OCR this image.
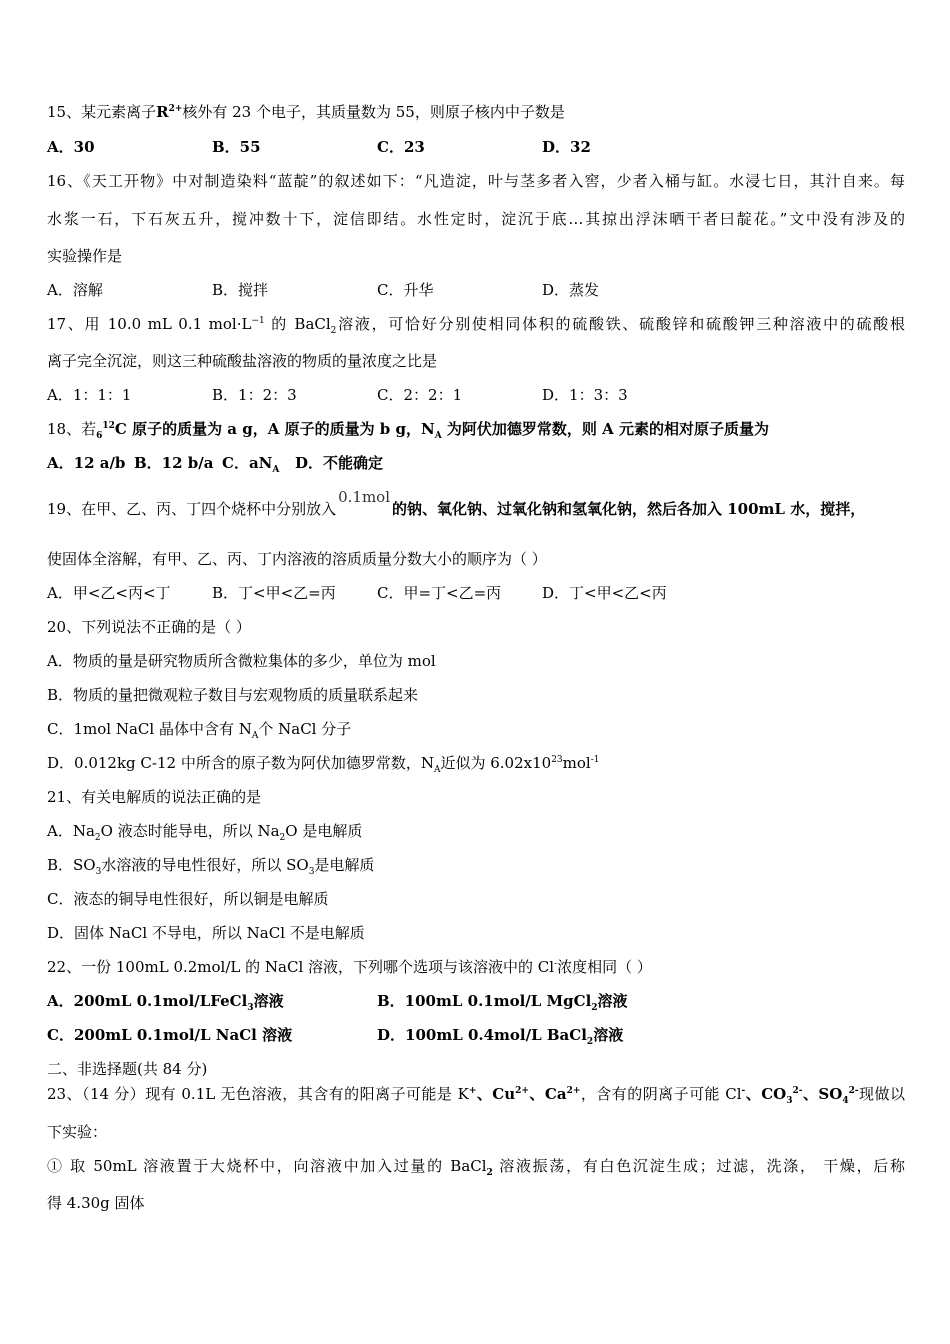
15、某元素离子$R^{2+}$核外有 23 个电子，其质量数为 55，则原子核内中子数是
A．30	B．55	C．23	D．32
16、《天工开物》中对制造染料“蓝靛”的叙述如下：“凡造淀，叶与茎多者入窖，少者入桶与缸。水浸七日，其汁自来。每
水浆一石，下石灰五升，搅冲数十下，淀信即结。水性定时，淀沉于底…其掠出浮沫晒干者曰靛花。”文中没有涉及的
实验操作是
A．溶解	B．搅拌	C．升华	D．蒸发
17、用 10.0 mL 0.1 $mol\cdot L^{-1}$ 的 BaCl$_2$溶液，可恰好分别使相同体积的硫酸铁、硫酸锌和硫酸钾三种溶液中的硫酸根
离子完全沉淀，则这三种硫酸盐溶液的物质的量浓度之比是
A．1：1：1	B．1：2：3	C．2：2：1	D．1：3：3
18、若$_6^{12}$C 原子的质量为 a g，A 原子的质量为 b g，$N_A$ 为阿伏加德罗常数，则 A 元素的相对原子质量为
A．12 a/b B．12 b/a C．$aN_A$ D．不能确定
19、在甲、乙、丙、丁四个烧杯中分别放入0.1mol的钠、氧化钠、过氧化钠和氢氧化钠，然后各加入 100mL 水，搅拌，
使固体全溶解，有甲、乙、丙、丁内溶液的溶质质量分数大小的顺序为（ ）
A．甲<乙<丙<丁	B．丁<甲<乙=丙	C．甲=丁<乙=丙	D．丁<甲<乙<丙
20、下列说法不正确的是（ ）
A．物质的量是研究物质所含微粒集体的多少，单位为 mol
B．物质的量把微观粒子数目与宏观物质的质量联系起来
C．1mol NaCl 晶体中含有 $N_A$个 NaCl 分子
D．0.012kg C-12 中所含的原子数为阿伏加德罗常数，$N_A$近似为 $6.02x10^{23}mol^{-1}$
21、有关电解质的说法正确的是
A．$Na_2O$ 液态时能导电，所以 $Na_2O$ 是电解质
B．$SO_3$水溶液的导电性很好，所以 $SO_3$是电解质
C．液态的铜导电性很好，所以铜是电解质
D．固体 NaCl 不导电，所以 NaCl 不是电解质
22、一份 100mL 0.2mol/L 的 NaCl 溶液，下列哪个选项与该溶液中的 Cl-浓度相同（ ）
A．200mL 0.1mol/LFeCl$_3$溶液	B．100mL 0.1mol/L MgCl$_2$溶液
C．200mL 0.1mol/L NaCl 溶液	D．100mL 0.4mol/L BaCl$_2$溶液
二、非选择题(共 84 分)
23、（14 分）现有 0.1L 无色溶液，其含有的阳离子可能是 K+、$Cu^{2+}$、$Ca^{2+}$，含有的阴离子可能 Cl-、$CO_3^{2-}$、$SO_4^{2-}$现做以
下实验：
① 取 50mL 溶液置于大烧杯中，向溶液中加入过量的 BaCl$_2$ 溶液振荡，有白色沉淀生成；过滤，洗涤， 干燥，后称
得 4.30g 固体
